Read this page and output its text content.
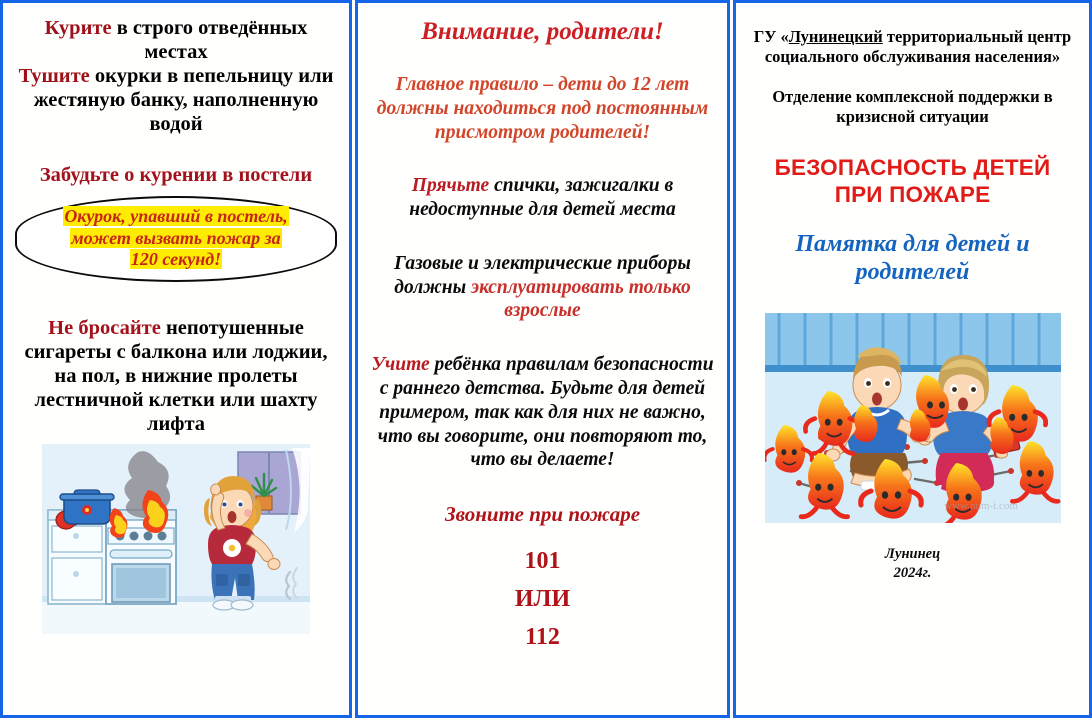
Курите в строго отведённых местах

Тушите окурки в пепельницу или жестяную банку, наполненную водой

Забудьте о курении в постели

Окурок, упавший в постель,
может вызвать пожар за
120 секунд!

Не бросайте непотушенные сигареты с балкона или лоджии, на пол, в нижние пролеты лестничной клетки или шахту лифта

Внимание, родители!

Главное правило – дети до 12 лет должны находиться под постоянным присмотром родителей!

Прячьте спички, зажигалки в недоступные для детей места

Газовые и электрические приборы должны эксплуатировать только взрослые

Учите ребёнка правилам безопасности с раннего детства. Будьте для детей примером, так как для них не важно, что вы говорите, они повторяют то, что вы делаете!

Звоните при пожаре

101

ИЛИ

112

ГУ «Лунинецкий территориальный центр социального обслуживания населения»

Отделение комплексной поддержки в кризисной ситуации

БЕЗОПАСНОСТЬ ДЕТЕЙ
ПРИ ПОЖАРЕ

Памятка для детей и
родителей

www.num-i.com

Лунинец
2024г.
